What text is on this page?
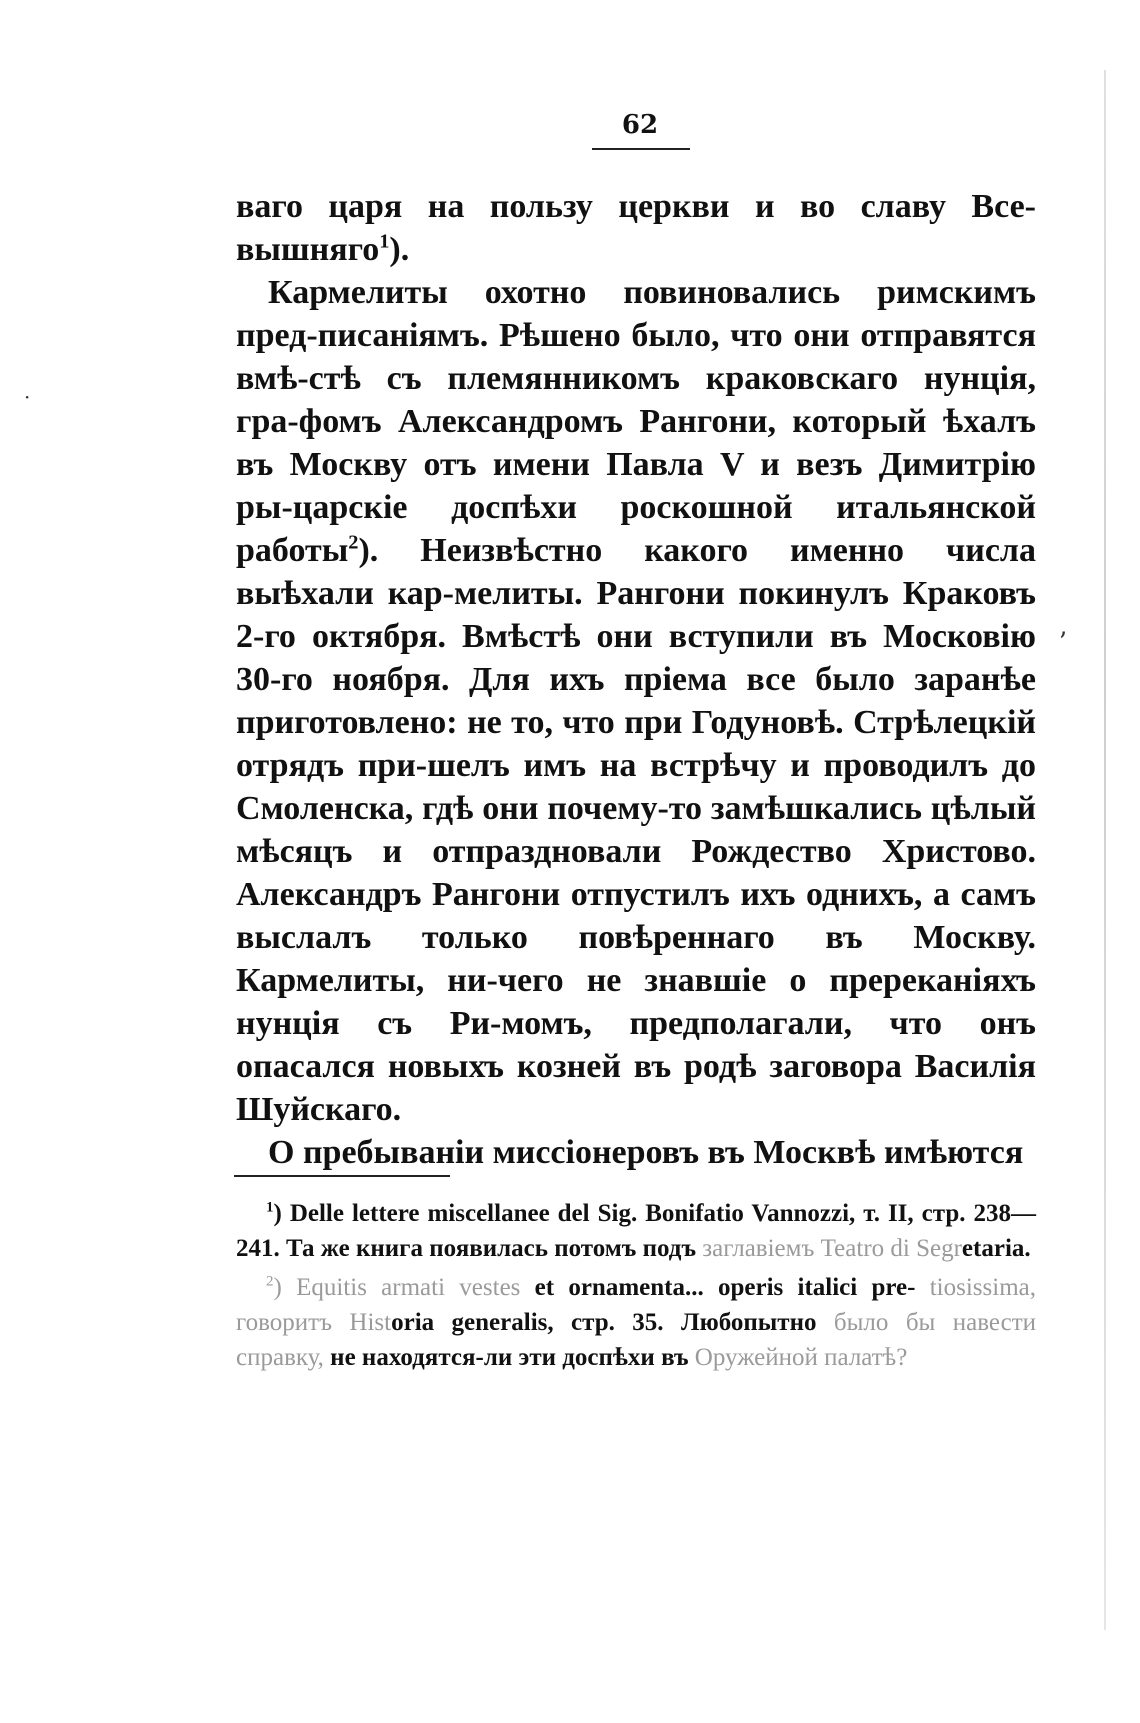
62

ваго царя на пользу церкви и во славу Все-вышняго$^1$).

Кармелиты охотно повиновались римскимъ пред-писаніямъ. Рѣшено было, что они отправятся вмѣ-стѣ съ племянникомъ краковскаго нунція, гра-фомъ Александромъ Рангони, который ѣхалъ въ Москву отъ имени Павла V и везъ Димитрію ры-царскіе доспѣхи роскошной итальянской работы$^2$). Неизвѣстно какого именно числа выѣхали кар-мелиты. Рангони покинулъ Краковъ 2-го октября. Вмѣстѣ они вступили въ Московію 30-го ноября. Для ихъ пріема все было заранѣе приготовлено: не то, что при Годуновѣ. Стрѣлецкій отрядъ при-шелъ имъ на встрѣчу и проводилъ до Смоленска, гдѣ они почему-то замѣшкались цѣлый мѣсяцъ и отпраздновали Рождество Христово. Александръ Рангони отпустилъ ихъ однихъ, а самъ выслалъ только повѣреннаго въ Москву. Кармелиты, ни-чего не знавшіе о пререканіяхъ нунція съ Ри-момъ, предполагали, что онъ опасался новыхъ козней въ родѣ заговора Василія Шуйскаго.

О пребываніи миссіонеровъ въ Москвѣ имѣются

$^1$) Delle lettere miscellanee del Sig. Bonifatio Vannozzi, т. II, стр. 238—241. Та же книга появилась потомъ подъ заглавіемъ Teatro di Segretaria.

$^2$) Equitis armati vestes et ornamenta... operis italici pre- tiosissima, говоритъ Historia generalis, стр. 35. Любопытно было бы навести справку, не находятся-ли эти доспѣхи въ Оружейной палатѣ?

ʼ
·
